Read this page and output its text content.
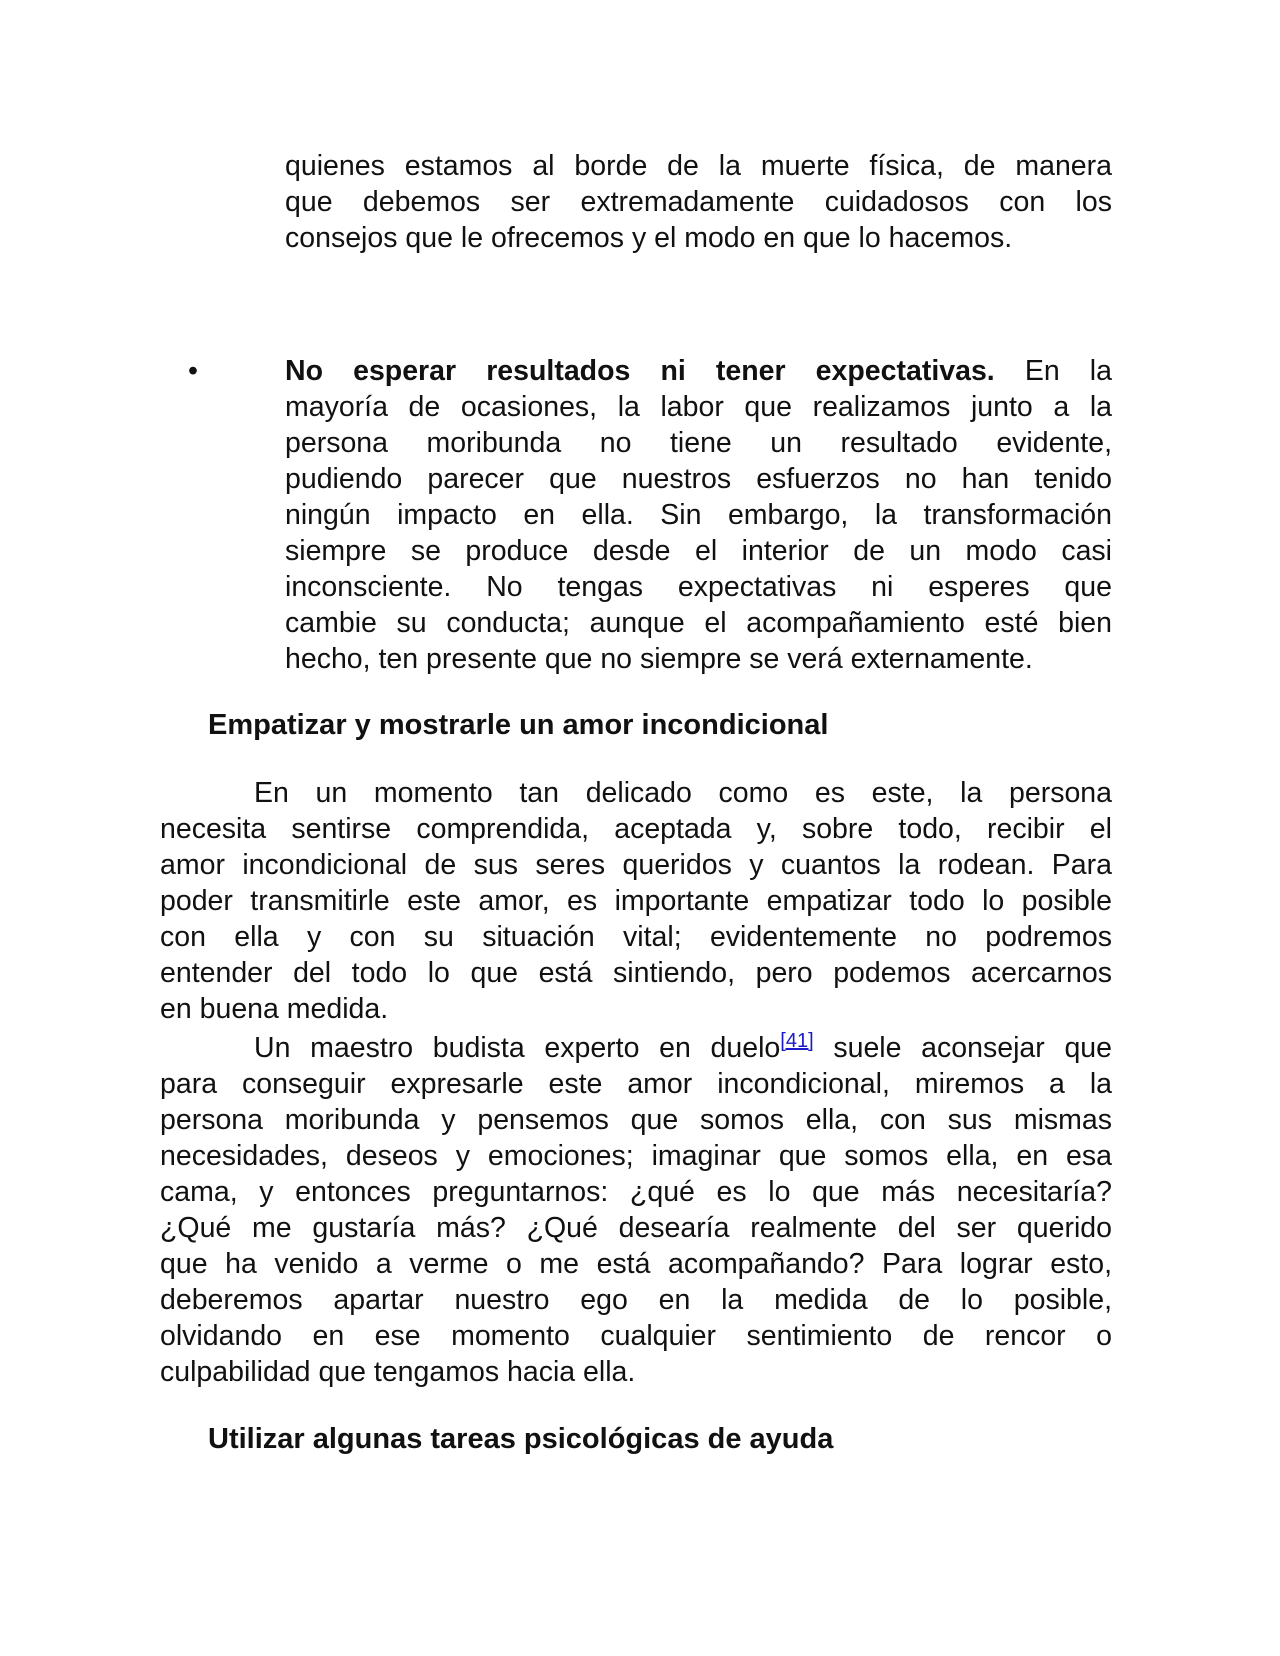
quienes estamos al borde de la muerte física, de manera
que debemos ser extremadamente cuidadosos con los
consejos que le ofrecemos y el modo en que lo hacemos.
•	No esperar resultados ni tener expectativas. En la
mayoría de ocasiones, la labor que realizamos junto a la
persona moribunda no tiene un resultado evidente,
pudiendo parecer que nuestros esfuerzos no han tenido
ningún impacto en ella. Sin embargo, la transformación
siempre se produce desde el interior de un modo casi
inconsciente. No tengas expectativas ni esperes que
cambie su conducta; aunque el acompañamiento esté bien
hecho, ten presente que no siempre se verá externamente.
Empatizar y mostrarle un amor incondicional
En un momento tan delicado como es este, la persona
necesita sentirse comprendida, aceptada y, sobre todo, recibir el
amor incondicional de sus seres queridos y cuantos la rodean. Para
poder transmitirle este amor, es importante empatizar todo lo posible
con ella y con su situación vital; evidentemente no podremos
entender del todo lo que está sintiendo, pero podemos acercarnos
en buena medida.
Un maestro budista experto en duelo[41] suele aconsejar que
para conseguir expresarle este amor incondicional, miremos a la
persona moribunda y pensemos que somos ella, con sus mismas
necesidades, deseos y emociones; imaginar que somos ella, en esa
cama, y entonces preguntarnos: ¿qué es lo que más necesitaría?
¿Qué me gustaría más? ¿Qué desearía realmente del ser querido
que ha venido a verme o me está acompañando? Para lograr esto,
deberemos apartar nuestro ego en la medida de lo posible,
olvidando en ese momento cualquier sentimiento de rencor o
culpabilidad que tengamos hacia ella.
Utilizar algunas tareas psicológicas de ayuda
